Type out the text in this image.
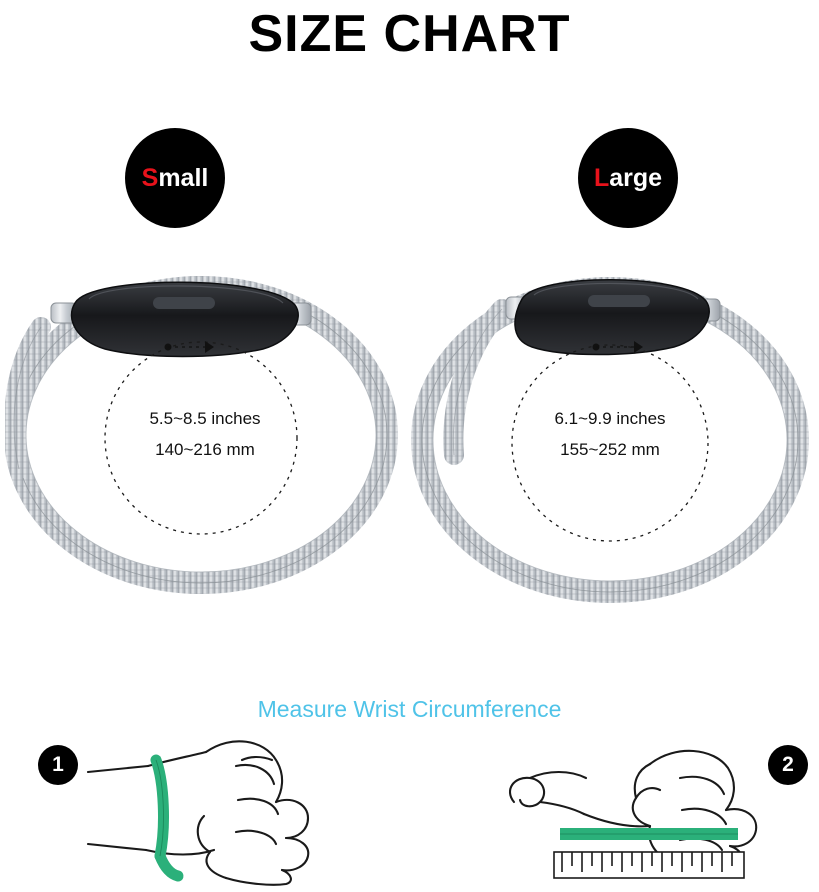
SIZE CHART
S mall	L arge
5.5~8.5 inches
140~216 mm
6.1~9.9 inches
155~252 mm
Measure Wrist Circumference
1	2
